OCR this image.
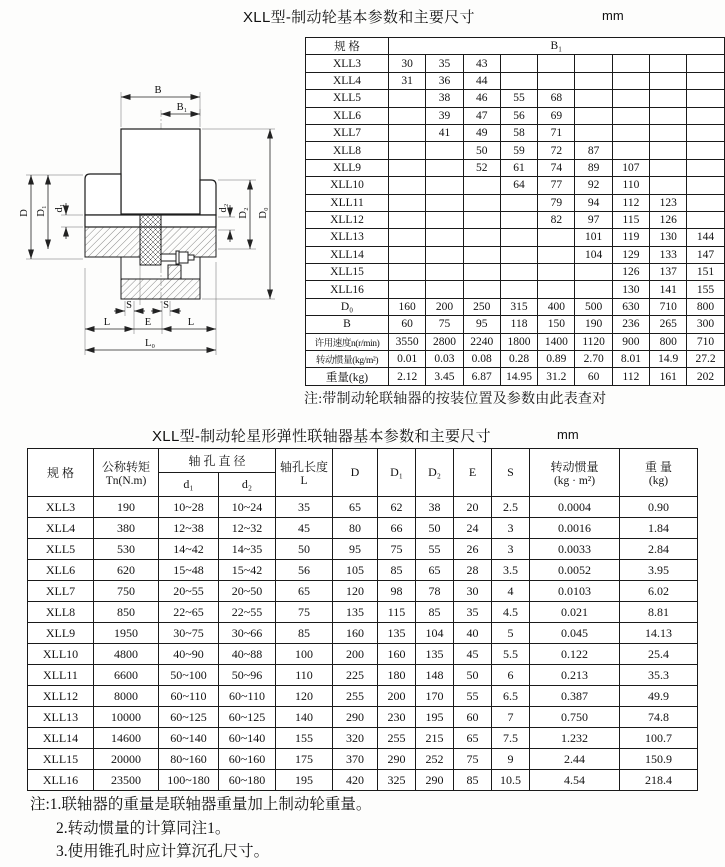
XLL型-制动轮基本参数和主要尺寸	mm
B
B₁
D D₁ d₁	d₂ D₂ D₀
S	S
L	E	L
L₀
规 格	B₁								
XLL3	30	35	43						
XLL4	31	36	44						
XLL5		38	46	55	68				
XLL6		39	47	56	69				
XLL7		41	49	58	71				
XLL8			50	59	72	87			
XLL9			52	61	74	89	107		
XLL10				64	77	92	110		
XLL11					79	94	112	123	
XLL12					82	97	115	126	
XLL13						101	119	130	144
XLL14						104	129	133	147
XLL15							126	137	151
XLL16							130	141	155
D₀	160	200	250	315	400	500	630	710	800
B	60	75	95	118	150	190	236	265	300
许用速度n(r/min)	3550	2800	2240	1800	1400	1120	900	800	710
转动惯量(kg/m²)	0.01	0.03	0.08	0.28	0.89	2.70	8.01	14.9	27.2
重量(kg)	2.12	3.45	6.87	14.95	31.2	60	112	161	202
注:带制动轮联轴器的按装位置及参数由此表查对
XLL型-制动轮星形弹性联轴器基本参数和主要尺寸	mm
规 格	公称转矩
Tn(N.m)
	轴 孔 直 径	轴孔长度
L
	D	D₁	D₂	E	S	转动惯量
(kg · m²)

重 量
(kg)

		d₁	d₂								
XLL3	190	10~28	10~24	35	65	62	38	20	2.5	0.0004	0.90
XLL4	380	12~38	12~32	45	80	66	50	24	3	0.0016	1.84
XLL5	530	14~42	14~35	50	95	75	55	26	3	0.0033	2.84
XLL6	620	15~48	15~42	56	105	85	65	28	3.5	0.0052	3.95
XLL7	750	20~55	20~50	65	120	98	78	30	4	0.0103	6.02
XLL8	850	22~65	22~55	75	135	115	85	35	4.5	0.021	8.81
XLL9	1950	30~75	30~66	85	160	135	104	40	5	0.045	14.13
XLL10	4800	40~90	40~88	100	200	160	135	45	5.5	0.122	25.4
XLL11	6600	50~100	50~96	110	225	180	148	50	6	0.213	35.3
XLL12	8000	60~110	60~110	120	255	200	170	55	6.5	0.387	49.9
XLL13	10000	60~125	60~125	140	290	230	195	60	7	0.750	74.8
XLL14	14600	60~140	60~140	155	320	255	215	65	7.5	1.232	100.7
XLL15	20000	80~160	60~160	175	370	290	252	75	9	2.44	150.9
XLL16	23500	100~180	60~180	195	420	325	290	85	10.5	4.54	218.4
注:1.联轴器的重量是联轴器重量加上制动轮重量。
2.转动惯量的计算同注1。
3.使用锥孔时应计算沉孔尺寸。
